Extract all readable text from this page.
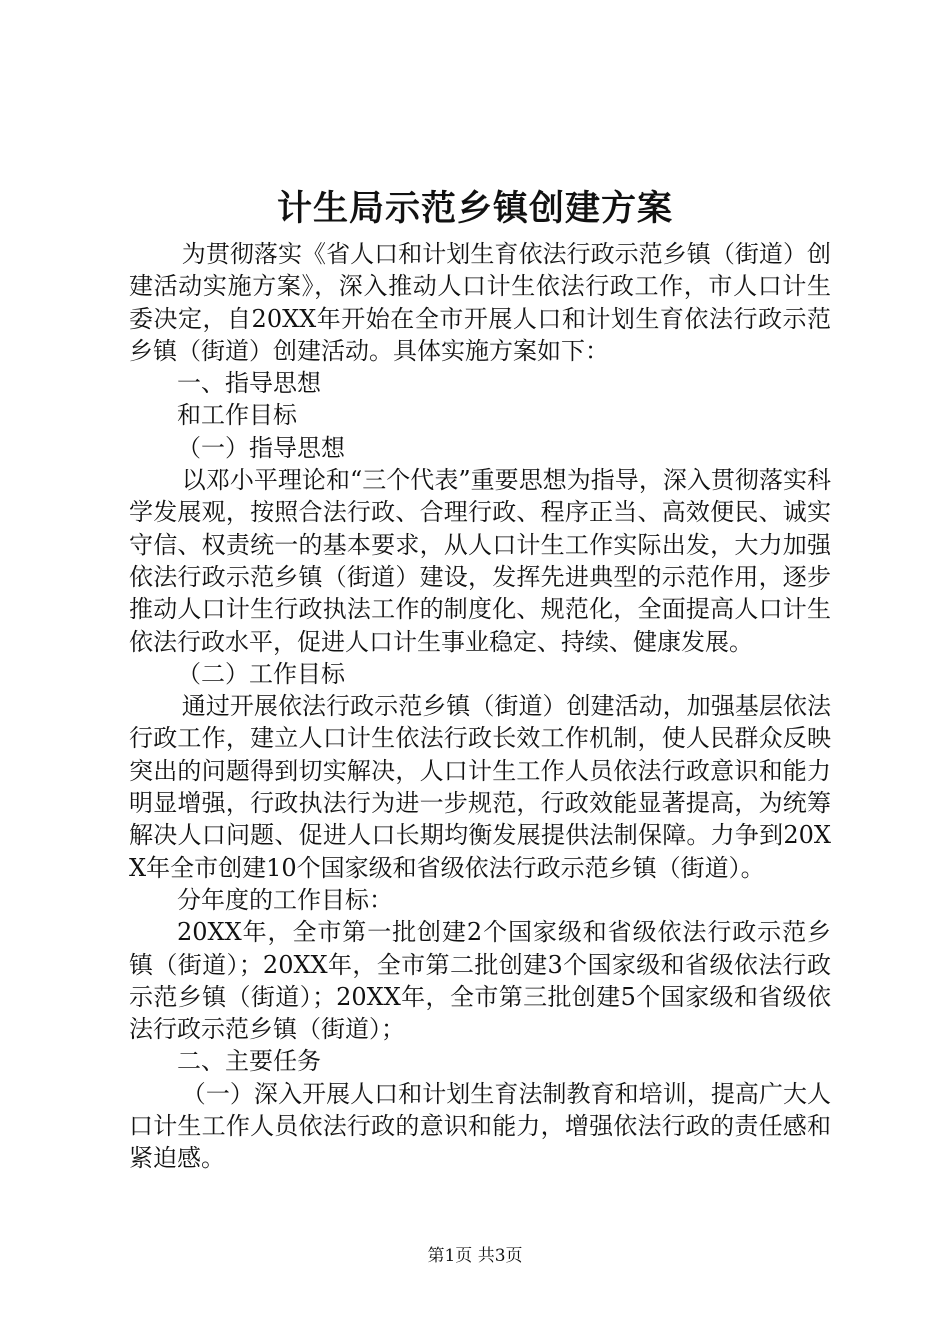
计生局示范乡镇创建方案

为贯彻落实《省人口和计划生育依法行政示范乡镇（街道）创建活动实施方案》，深入推动人口计生依法行政工作，市人口计生委决定，自20XX年开始在全市开展人口和计划生育依法行政示范乡镇（街道）创建活动。具体实施方案如下：

一、指导思想

和工作目标

（一）指导思想

以邓小平理论和“三个代表”重要思想为指导，深入贯彻落实科学发展观，按照合法行政、合理行政、程序正当、高效便民、诚实守信、权责统一的基本要求，从人口计生工作实际出发，大力加强依法行政示范乡镇（街道）建设，发挥先进典型的示范作用，逐步推动人口计生行政执法工作的制度化、规范化，全面提高人口计生依法行政水平，促进人口计生事业稳定、持续、健康发展。

（二）工作目标

通过开展依法行政示范乡镇（街道）创建活动，加强基层依法行政工作，建立人口计生依法行政长效工作机制，使人民群众反映突出的问题得到切实解决，人口计生工作人员依法行政意识和能力明显增强，行政执法行为进一步规范，行政效能显著提高，为统筹解决人口问题、促进人口长期均衡发展提供法制保障。力争到20XX年全市创建10个国家级和省级依法行政示范乡镇（街道）。

分年度的工作目标：

20XX年，全市第一批创建2个国家级和省级依法行政示范乡镇（街道）；20XX年，全市第二批创建3个国家级和省级依法行政示范乡镇（街道）；20XX年，全市第三批创建5个国家级和省级依法行政示范乡镇（街道）；

二、主要任务

（一）深入开展人口和计划生育法制教育和培训，提高广大人口计生工作人员依法行政的意识和能力，增强依法行政的责任感和紧迫感。

第1页 共3页
